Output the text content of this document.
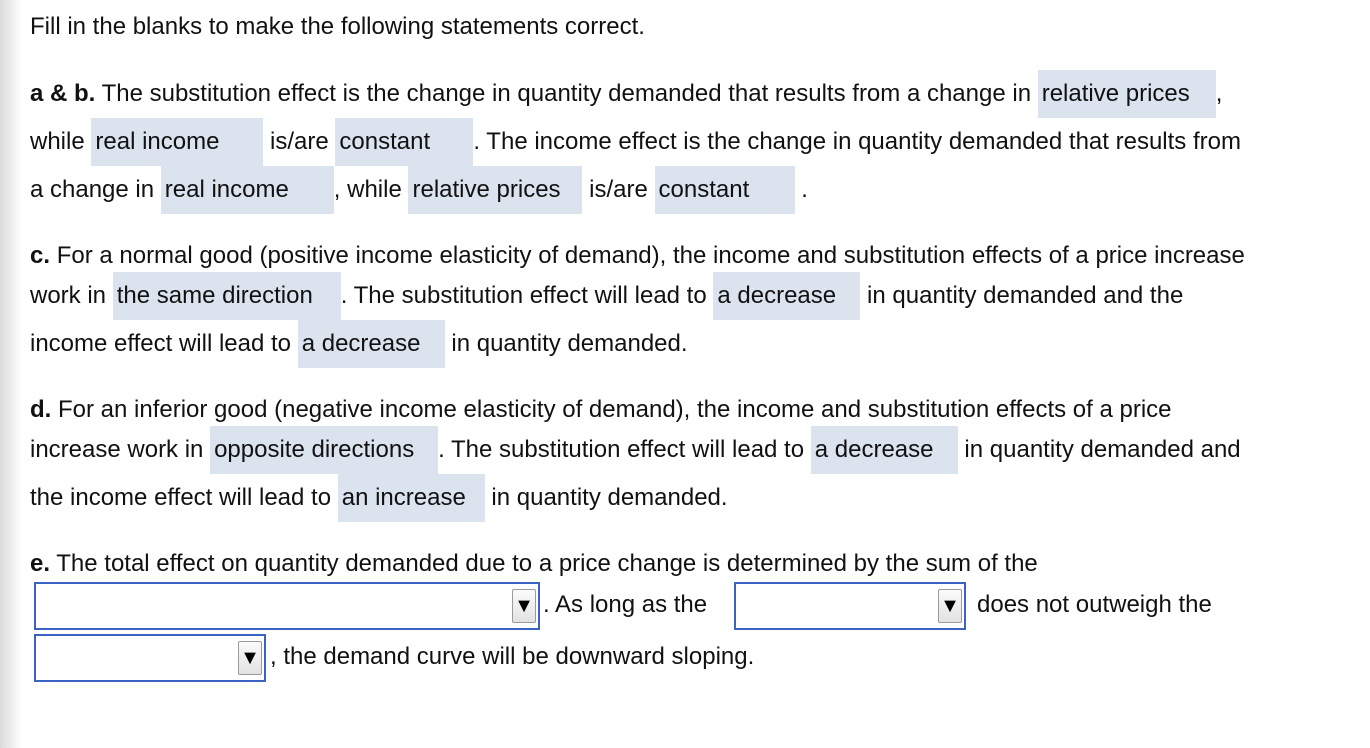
Fill in the blanks to make the following statements correct.
a & b. The substitution effect is the change in quantity demanded that results from a change in relative prices ,
while real income is/are constant . The income effect is the change in quantity demanded that results from
a change in real income , while relative prices is/are constant .
c. For a normal good (positive income elasticity of demand), the income and substitution effects of a price increase
work in the same direction . The substitution effect will lead to a decrease in quantity demanded and the
income effect will lead to a decrease in quantity demanded.
d. For an inferior good (negative income elasticity of demand), the income and substitution effects of a price
increase work in opposite directions . The substitution effect will lead to a decrease in quantity demanded and
the income effect will lead to an increase in quantity demanded.
e. The total effect on quantity demanded due to a price change is determined by the sum of the
▼ . As long as the	▼ does not outweigh the
▼ , the demand curve will be downward sloping.
